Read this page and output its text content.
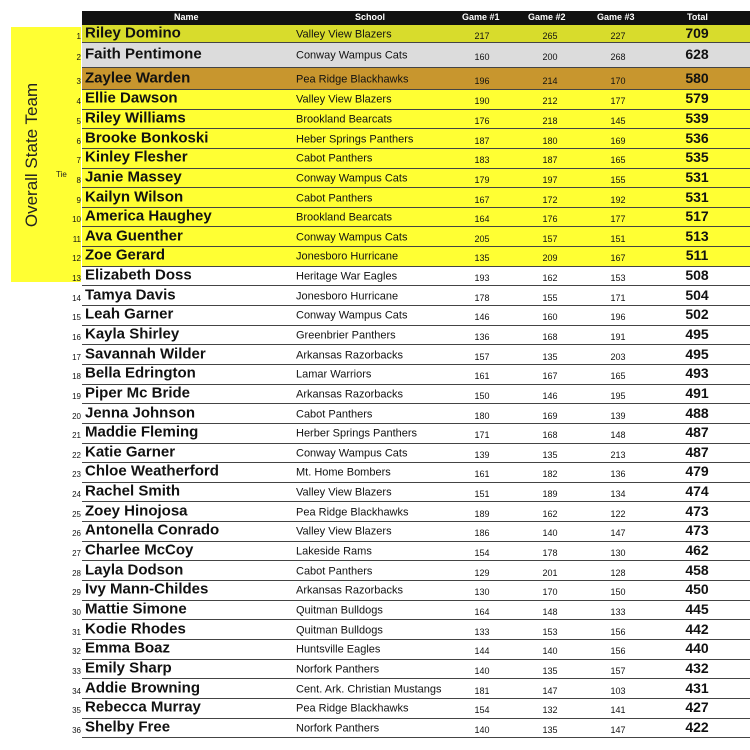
Overall State Team Tie
Name	School	Game #1	Game #2	Game #3	Total
1 Riley Domino	Valley View Blazers	217	265	227	709
2 Faith Pentimone	Conway Wampus Cats	160	200	268	628
3 Zaylee Warden	Pea Ridge Blackhawks	196	214	170	580
4 Ellie Dawson	Valley View Blazers	190	212	177	579
5 Riley Williams	Brookland Bearcats	176	218	145	539
6 Brooke Bonkoski	Heber Springs Panthers	187	180	169	536
7 Kinley Flesher	Cabot Panthers	183	187	165	535
8 Janie Massey	Conway Wampus Cats	179	197	155	531
9 Kailyn Wilson	Cabot Panthers	167	172	192	531
10 America Haughey	Brookland Bearcats	164	176	177	517
11 Ava Guenther	Conway Wampus Cats	205	157	151	513
12 Zoe Gerard	Jonesboro Hurricane	135	209	167	511
13 Elizabeth Doss	Heritage War Eagles	193	162	153	508
14 Tamya Davis	Jonesboro Hurricane	178	155	171	504
15 Leah Garner	Conway Wampus Cats	146	160	196	502
16 Kayla Shirley	Greenbrier Panthers	136	168	191	495
17 Savannah Wilder	Arkansas Razorbacks	157	135	203	495
18 Bella Edrington	Lamar Warriors	161	167	165	493
19 Piper Mc Bride	Arkansas Razorbacks	150	146	195	491
20 Jenna Johnson	Cabot Panthers	180	169	139	488
21 Maddie Fleming	Herber Springs Panthers	171	168	148	487
22 Katie Garner	Conway Wampus Cats	139	135	213	487
23 Chloe Weatherford	Mt. Home Bombers	161	182	136	479
24 Rachel Smith	Valley View Blazers	151	189	134	474
25 Zoey Hinojosa	Pea Ridge Blackhawks	189	162	122	473
26 Antonella Conrado	Valley View Blazers	186	140	147	473
27 Charlee McCoy	Lakeside Rams	154	178	130	462
28 Layla Dodson	Cabot Panthers	129	201	128	458
29 Ivy Mann-Childes	Arkansas Razorbacks	130	170	150	450
30 Mattie Simone	Quitman Bulldogs	164	148	133	445
31 Kodie Rhodes	Quitman Bulldogs	133	153	156	442
32 Emma Boaz	Huntsville Eagles	144	140	156	440
33 Emily Sharp	Norfork Panthers	140	135	157	432
34 Addie Browning	Cent. Ark. Christian Mustangs	181	147	103	431
35 Rebecca Murray	Pea Ridge Blackhawks	154	132	141	427
36 Shelby Free	Norfork Panthers	140	135	147	422
